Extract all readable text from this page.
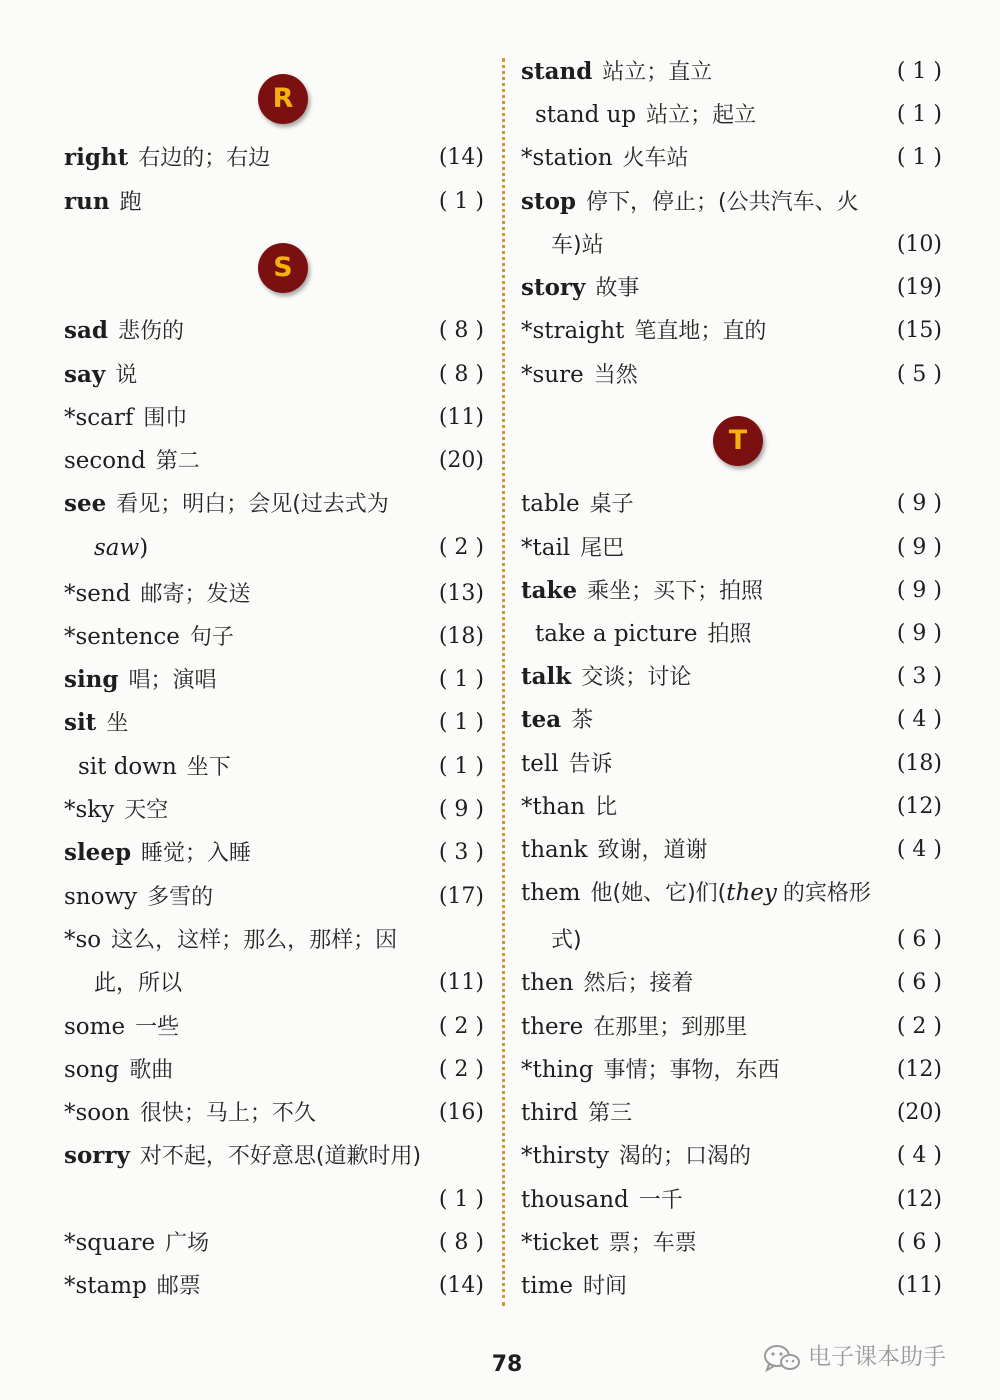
R
S
T
right 右边的；右边	(14)
run 跑	( 1 )
sad 悲伤的	( 8 )
say 说	( 8 )
*scarf 围巾	(11)
second 第二	(20)
see 看见；明白；会见(过去式为
saw)	( 2 )
*send 邮寄；发送	(13)
*sentence 句子	(18)
sing 唱；演唱	( 1 )
sit 坐	( 1 )
sit down 坐下	( 1 )
*sky 天空	( 9 )
sleep 睡觉；入睡	( 3 )
snowy 多雪的	(17)
*so 这么，这样；那么，那样；因
此，所以	(11)
some 一些	( 2 )
song 歌曲	( 2 )
*soon 很快；马上；不久	(16)
sorry 对不起，不好意思(道歉时用)
( 1 )
*square 广场	( 8 )
*stamp 邮票	(14)
stand 站立；直立	( 1 )
stand up 站立；起立	( 1 )
*station 火车站	( 1 )
stop 停下，停止；(公共汽车、火
车)站	(10)
story 故事	(19)
*straight 笔直地；直的	(15)
*sure 当然	( 5 )
table 桌子	( 9 )
*tail 尾巴	( 9 )
take 乘坐；买下；拍照	( 9 )
take a picture 拍照	( 9 )
talk 交谈；讨论	( 3 )
tea 茶	( 4 )
tell 告诉	(18)
*than 比	(12)
thank 致谢，道谢	( 4 )
them 他(她、它)们(they 的宾格形
式)	( 6 )
then 然后；接着	( 6 )
there 在那里；到那里	( 2 )
*thing 事情；事物，东西	(12)
third 第三	(20)
*thirsty 渴的；口渴的	( 4 )
thousand 一千	(12)
*ticket 票；车票	( 6 )
time 时间	(11)
78	电子课本助手
